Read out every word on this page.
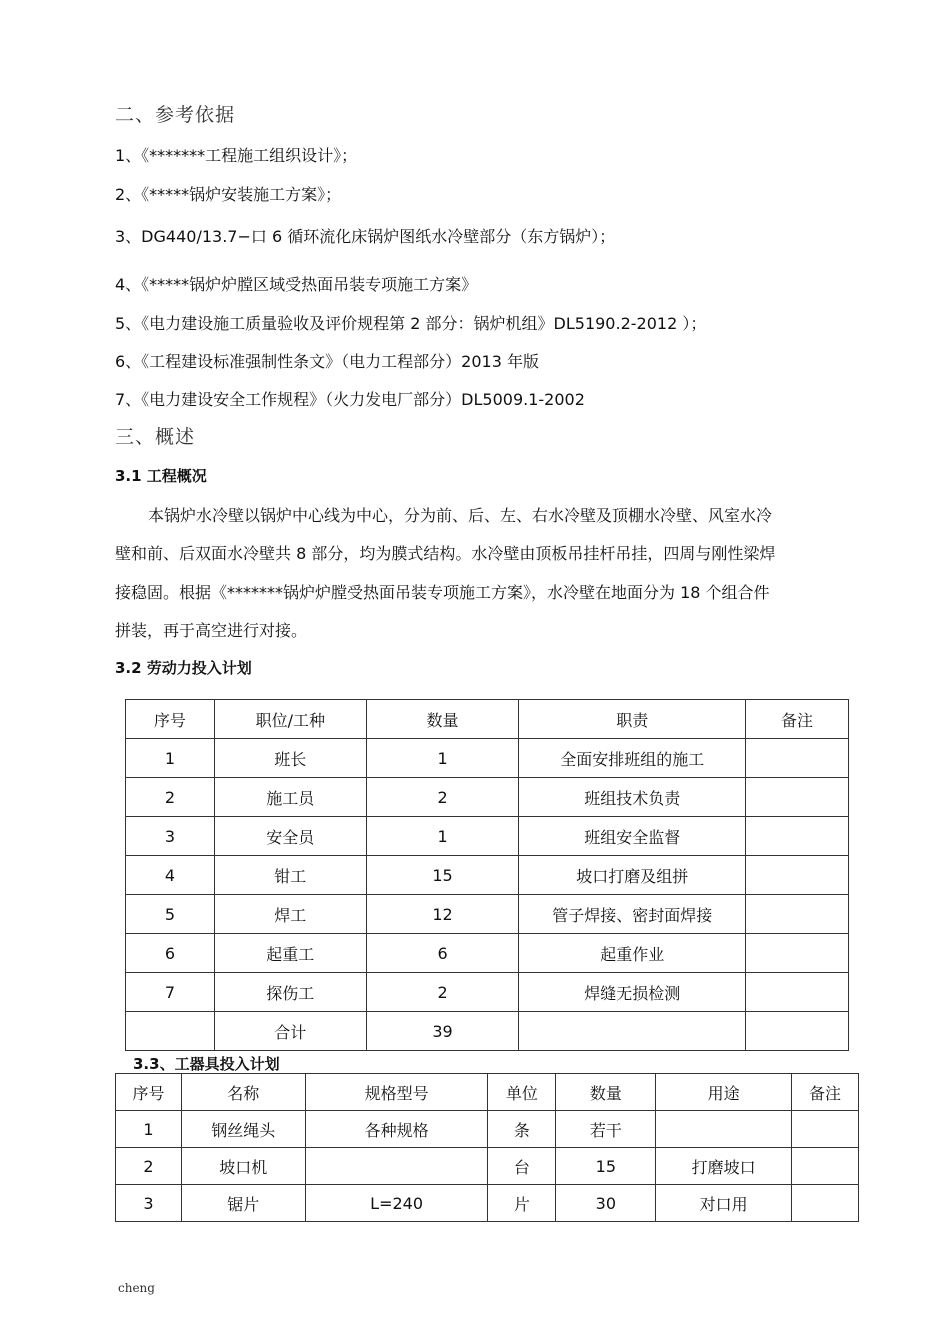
二、参考依据
1、《*******工程施工组织设计》；
2、《*****锅炉安装施工方案》；
3、DG440/13.7−口 6 循环流化床锅炉图纸水冷壁部分（东方锅炉）；
4、《*****锅炉炉膛区域受热面吊装专项施工方案》
5、《电力建设施工质量验收及评价规程第 2 部分：锅炉机组》DL5190.2-2012 ）；
6、《工程建设标准强制性条文》（电力工程部分）2013 年版
7、《电力建设安全工作规程》（火力发电厂部分）DL5009.1-2002
三、概述
3.1 工程概况
本锅炉水冷壁以锅炉中心线为中心，分为前、后、左、右水冷壁及顶棚水冷壁、风室水冷
壁和前、后双面水冷壁共 8 部分，均为膜式结构。水冷壁由顶板吊挂杆吊挂，四周与刚性梁焊
接稳固。根据《*******锅炉炉膛受热面吊装专项施工方案》，水冷壁在地面分为 18 个组合件
拼装，再于高空进行对接。
3.2 劳动力投入计划
序号	职位/工种	数量	职责	备注
1	班长	1	全面安排班组的施工	
2	施工员	2	班组技术负责	
3	安全员	1	班组安全监督	
4	钳工	15	坡口打磨及组拼	
5	焊工	12	管子焊接、密封面焊接	
6	起重工	6	起重作业	
7	探伤工	2	焊缝无损检测	
	合计	39		
3.3、工器具投入计划
序号	名称	规格型号	单位	数量	用途	备注
1	钢丝绳头	各种规格	条	若干		
2	坡口机		台	15	打磨坡口	
3	锯片	L=240	片	30	对口用	
cheng
